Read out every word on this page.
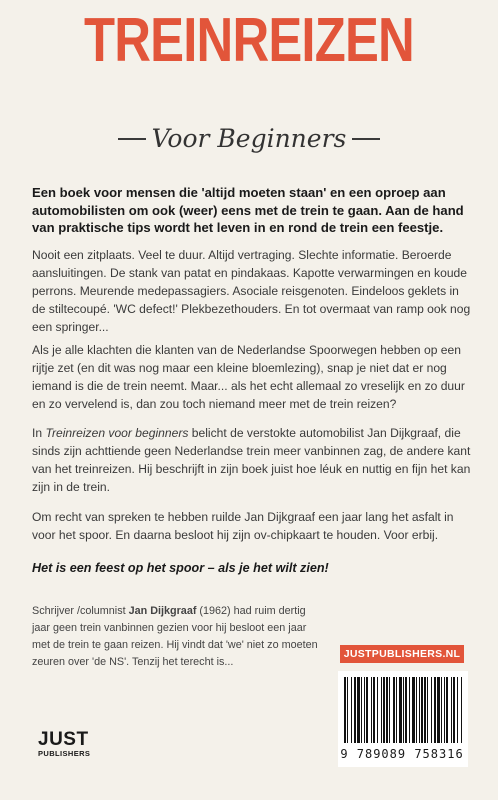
TREINREIZEN
Voor Beginners
Een boek voor mensen die 'altijd moeten staan' en een oproep aan automobilisten om ook (weer) eens met de trein te gaan. Aan de hand van praktische tips wordt het leven in en rond de trein een feestje.
Nooit een zitplaats. Veel te duur. Altijd vertraging. Slechte informatie. Beroerde aansluitingen. De stank van patat en pindakaas. Kapotte verwarmingen en koude perrons. Meurende medepassagiers. Asociale reisgenoten. Eindeloos geklets in de stiltecoupé. 'WC defect!' Plekbezethouders. En tot overmaat van ramp ook nog een springer...
Als je alle klachten die klanten van de Nederlandse Spoorwegen hebben op een rijtje zet (en dit was nog maar een kleine bloemlezing), snap je niet dat er nog iemand is die de trein neemt. Maar... als het echt allemaal zo vreselijk en zo duur en zo vervelend is, dan zou toch niemand meer met de trein reizen?
In Treinreizen voor beginners belicht de verstokte automobilist Jan Dijkgraaf, die sinds zijn achttiende geen Nederlandse trein meer vanbinnen zag, de andere kant van het treinreizen. Hij beschrijft in zijn boek juist hoe léuk en nuttig en fijn het kan zijn in de trein.
Om recht van spreken te hebben ruilde Jan Dijkgraaf een jaar lang het asfalt in voor het spoor. En daarna besloot hij zijn ov-chipkaart te houden. Voor erbij.
Het is een feest op het spoor – als je het wilt zien!
Schrijver /columnist Jan Dijkgraaf (1962) had ruim dertig jaar geen trein vanbinnen gezien voor hij besloot een jaar met de trein te gaan reizen. Hij vindt dat 'we' niet zo moeten zeuren over 'de NS'. Tenzij het terecht is...
JUSTPUBLISHERS.NL
9 789089 758316
JUST
PUBLISHERS
